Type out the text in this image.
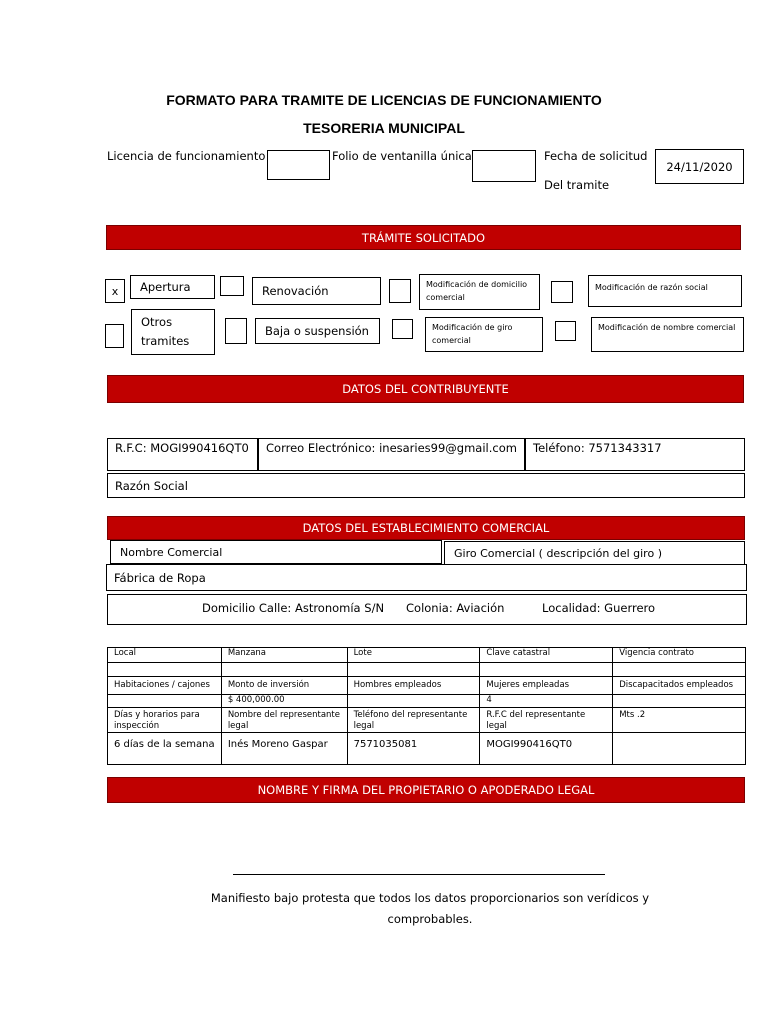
FORMATO PARA TRAMITE DE LICENCIAS DE FUNCIONAMIENTO
TESORERIA MUNICIPAL
Licencia de funcionamiento	Folio de ventanilla única	Fecha de solicitud
Del tramite
24/11/2020
TRÁMITE SOLICITADO
x	Apertura	Renovación	Modificación de domicilio comercial
Modificación de razón social
Otros tramites
Baja o suspensión	Modificación de giro comercial
Modificación de nombre comercial
DATOS DEL CONTRIBUYENTE
R.F.C: MOGI990416QT0	Correo Electrónico: inesaries99@gmail.com	Teléfono: 7571343317
Razón Social
DATOS DEL ESTABLECIMIENTO COMERCIAL
Nombre Comercial	Giro Comercial ( descripción del giro )
Fábrica de Ropa
Domicilio Calle: Astronomía S/N Colonia: Aviación	Localidad: Guerrero
Local	Manzana	Lote	Clave catastral	Vigencia contrato

Habitaciones / cajones	Monto de inversión	Hombres empleados	Mujeres empleadas	Discapacitados empleados
	$ 400,000.00		4	
Días y horarios para inspección	Nombre del representante legal	Teléfono del representante legal	R.F.C del representante legal	Mts .2
6 días de la semana	Inés Moreno Gaspar	7571035081	MOGI990416QT0	
NOMBRE Y FIRMA DEL PROPIETARIO O APODERADO LEGAL
Manifiesto bajo protesta que todos los datos proporcionarios son verídicos y
comprobables.
